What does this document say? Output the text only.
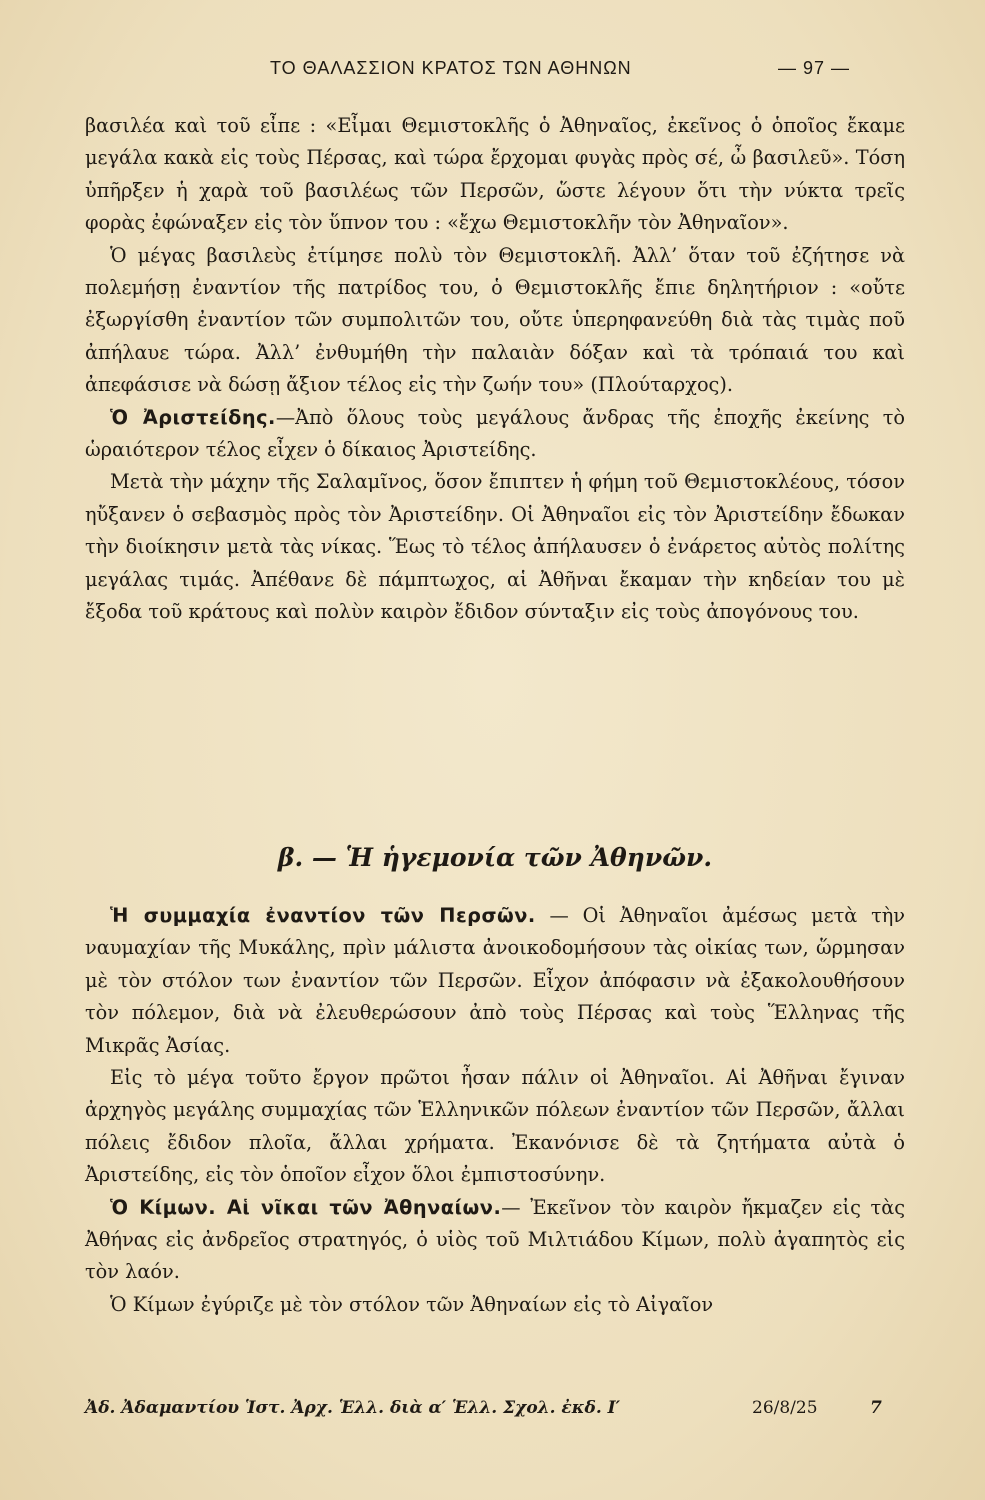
ΤΟ ΘΑΛΑΣΣΙΟΝ ΚΡΑΤΟΣ ΤΩΝ ΑΘΗΝΩΝ	— 97 —

βασιλέα καὶ τοῦ εἶπε : «Εἶμαι Θεμιστοκλῆς ὁ Ἀθηναῖος, ἐκεῖνος ὁ ὁποῖος ἔκαμε μεγάλα κακὰ εἰς τοὺς Πέρσας, καὶ τώρα ἔρχομαι φυγὰς πρὸς σέ, ὦ βασιλεῦ». Τόση ὑπῆρξεν ἡ χαρὰ τοῦ βασιλέως τῶν Περσῶν, ὥστε λέγουν ὅτι τὴν νύκτα τρεῖς φορὰς ἐφώναξεν εἰς τὸν ὕπνον του : «ἔχω Θεμιστοκλῆν τὸν Ἀθηναῖον».

Ὁ μέγας βασιλεὺς ἐτίμησε πολὺ τὸν Θεμιστοκλῆ. Ἀλλ’ ὅταν τοῦ ἐζήτησε νὰ πολεμήσῃ ἐναντίον τῆς πατρίδος του, ὁ Θεμιστοκλῆς ἔπιε δηλητήριον : «οὔτε ἐξωργίσθη ἐναντίον τῶν συμπολιτῶν του, οὔτε ὑπερηφανεύθη διὰ τὰς τιμὰς ποῦ ἀπήλαυε τώρα. Ἀλλ’ ἐνθυμήθη τὴν παλαιὰν δόξαν καὶ τὰ τρόπαιά του καὶ ἀπεφάσισε νὰ δώσῃ ἄξιον τέλος εἰς τὴν ζωήν του» (Πλούταρχος).

Ὁ Ἀριστείδης.—Ἀπὸ ὅλους τοὺς μεγάλους ἄνδρας τῆς ἐποχῆς ἐκείνης τὸ ὡραιότερον τέλος εἶχεν ὁ δίκαιος Ἀριστείδης.

Μετὰ τὴν μάχην τῆς Σαλαμῖνος, ὅσον ἔπιπτεν ἡ φήμη τοῦ Θεμιστοκλέους, τόσον ηὔξανεν ὁ σεβασμὸς πρὸς τὸν Ἀριστείδην. Οἱ Ἀθηναῖοι εἰς τὸν Ἀριστείδην ἔδωκαν τὴν διοίκησιν μετὰ τὰς νίκας. Ἕως τὸ τέλος ἀπήλαυσεν ὁ ἐνάρετος αὐτὸς πολίτης μεγάλας τιμάς. Ἀπέθανε δὲ πάμπτωχος, αἱ Ἀθῆναι ἔκαμαν τὴν κηδείαν του μὲ ἔξοδα τοῦ κράτους καὶ πολὺν καιρὸν ἔδιδον σύνταξιν εἰς τοὺς ἀπογόνους του.

β. — Ἡ ἡγεμονία τῶν Ἀθηνῶν.

Ἡ συμμαχία ἐναντίον τῶν Περσῶν. — Οἱ Ἀθηναῖοι ἀμέσως μετὰ τὴν ναυμαχίαν τῆς Μυκάλης, πρὶν μάλιστα ἀνοικοδομήσουν τὰς οἰκίας των, ὥρμησαν μὲ τὸν στόλον των ἐναντίον τῶν Περσῶν. Εἶχον ἀπόφασιν νὰ ἐξακολουθήσουν τὸν πόλεμον, διὰ νὰ ἐλευθερώσουν ἀπὸ τοὺς Πέρσας καὶ τοὺς Ἕλληνας τῆς Μικρᾶς Ἀσίας.

Εἰς τὸ μέγα τοῦτο ἔργον πρῶτοι ἦσαν πάλιν οἱ Ἀθηναῖοι. Αἱ Ἀθῆναι ἔγιναν ἀρχηγὸς μεγάλης συμμαχίας τῶν Ἑλληνικῶν πόλεων ἐναντίον τῶν Περσῶν, ἄλλαι πόλεις ἔδιδον πλοῖα, ἄλλαι χρήματα. Ἐκανόνισε δὲ τὰ ζητήματα αὐτὰ ὁ Ἀριστείδης, εἰς τὸν ὁποῖον εἶχον ὅλοι ἐμπιστοσύνην.

Ὁ Κίμων. Αἱ νῖκαι τῶν Ἀθηναίων.— Ἐκεῖνον τὸν καιρὸν ἤκμαζεν εἰς τὰς Ἀθήνας εἰς ἀνδρεῖος στρατηγός, ὁ υἱὸς τοῦ Μιλτιάδου Κίμων, πολὺ ἀγαπητὸς εἰς τὸν λαόν.

Ὁ Κίμων ἐγύριζε μὲ τὸν στόλον τῶν Ἀθηναίων εἰς τὸ Αἰγαῖον

Ἀδ. Ἀδαμαντίου Ἱστ. Ἀρχ. Ἑλλ. διὰ α′ Ἑλλ. Σχολ. ἐκδ. Ι′	26/8/25	7
